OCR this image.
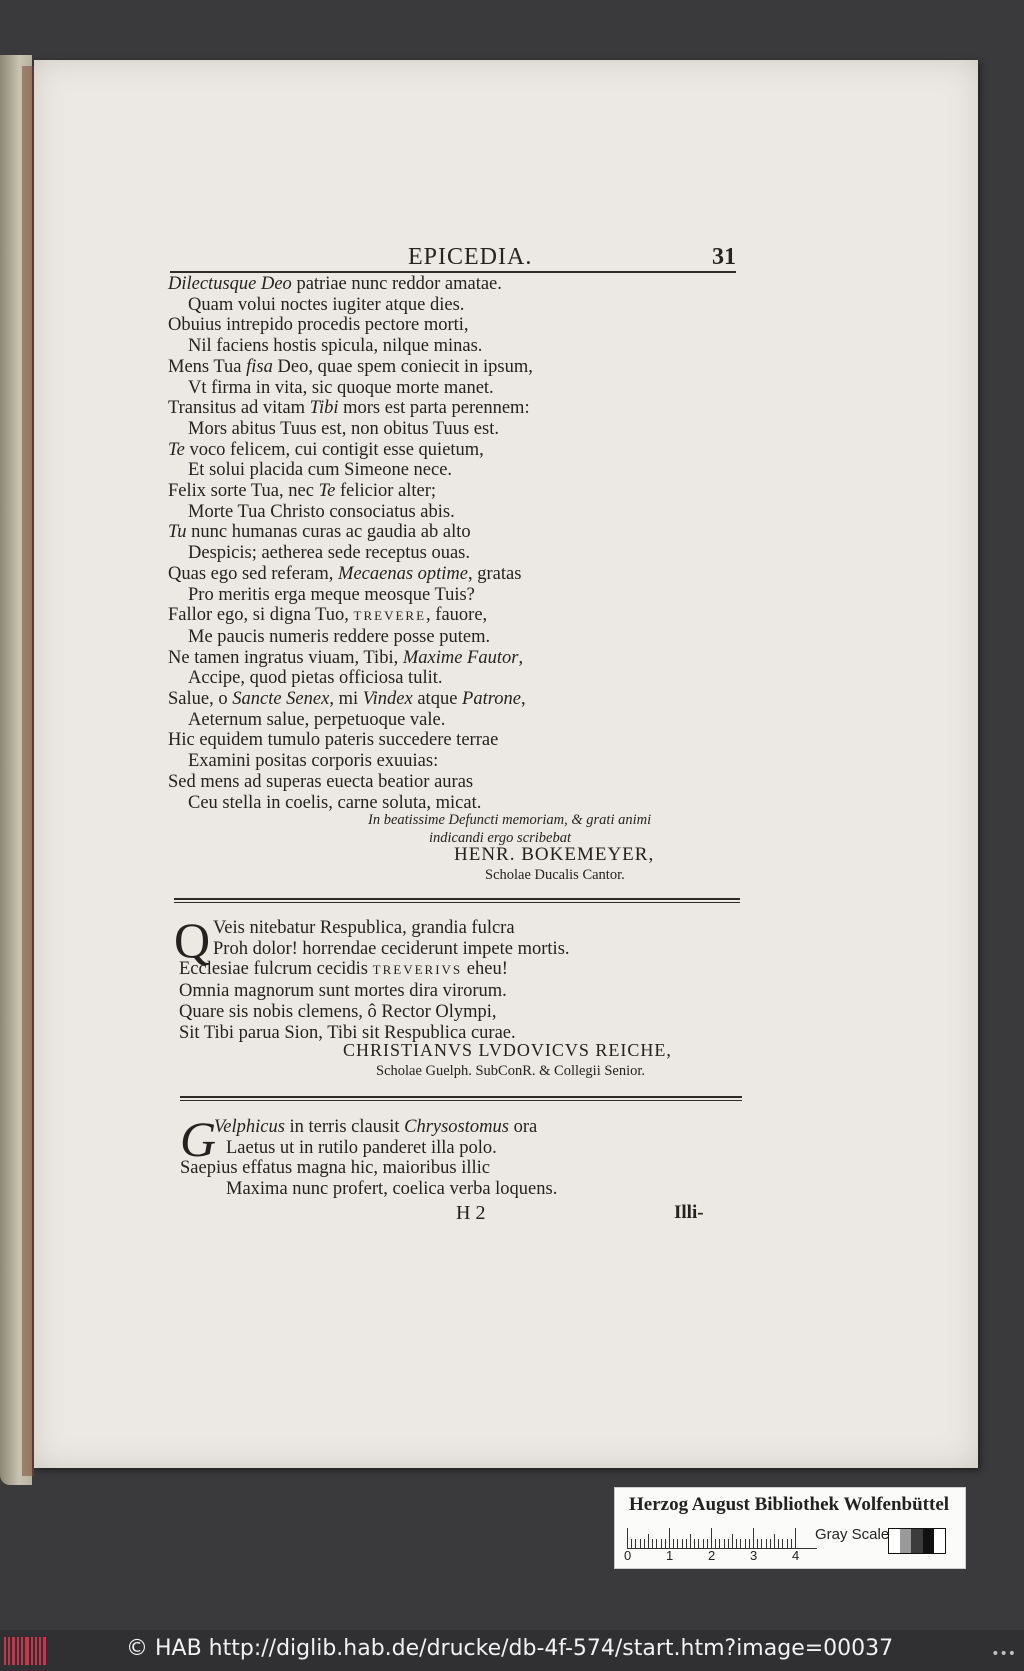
EPICEDIA.	31
Dilectusque Deo patriae nunc reddor amatae.
Quam volui noctes iugiter atque dies.
Obuius intrepido procedis pectore morti,
Nil faciens hostis spicula, nilque minas.
Mens Tua fisa Deo, quae spem coniecit in ipsum,
Vt firma in vita, sic quoque morte manet.
Transitus ad vitam Tibi mors est parta perennem:
Mors abitus Tuus est, non obitus Tuus est.
Te voco felicem, cui contigit esse quietum,
Et solui placida cum Simeone nece.
Felix sorte Tua, nec Te felicior alter;
Morte Tua Christo consociatus abis.
Tu nunc humanas curas ac gaudia ab alto
Despicis; aetherea sede receptus ouas.
Quas ego sed referam, Mecaenas optime, gratas
Pro meritis erga meque meosque Tuis?
Fallor ego, si digna Tuo, TREVERE, fauore,
Me paucis numeris reddere posse putem.
Ne tamen ingratus viuam, Tibi, Maxime Fautor,
Accipe, quod pietas officiosa tulit.
Salue, o Sancte Senex, mi Vindex atque Patrone,
Aeternum salue, perpetuoque vale.
Hic equidem tumulo pateris succedere terrae
Examini positas corporis exuuias:
Sed mens ad superas euecta beatior auras
Ceu stella in coelis, carne soluta, micat.
In beatissime Defuncti memoriam, & grati animi
indicandi ergo scribebat
HENR. BOKEMEYER,
Scholae Ducalis Cantor.
Q Veis nitebatur Respublica, grandia fulcra
Proh dolor! horrendae ceciderunt impete mortis.
Ecclesiae fulcrum cecidis TREVERIVS eheu!
Omnia magnorum sunt mortes dira virorum.
Quare sis nobis clemens, ô Rector Olympi,
Sit Tibi parua Sion, Tibi sit Respublica curae.
CHRISTIANVS LVDOVICVS REICHE,
Scholae Guelph. SubConR. & Collegii Senior.
G
Velphicus in terris clausit Chrysostomus ora
Laetus ut in rutilo panderet illa polo.
Saepius effatus magna hic, maioribus illic
Maxima nunc profert, coelica verba loquens.
H 2	Illi-
Herzog August Bibliothek Wolfenbüttel
0	1	2	3	4
Gray Scale
© HAB http://diglib.hab.de/drucke/db-4f-574/start.htm?image=00037	•••
